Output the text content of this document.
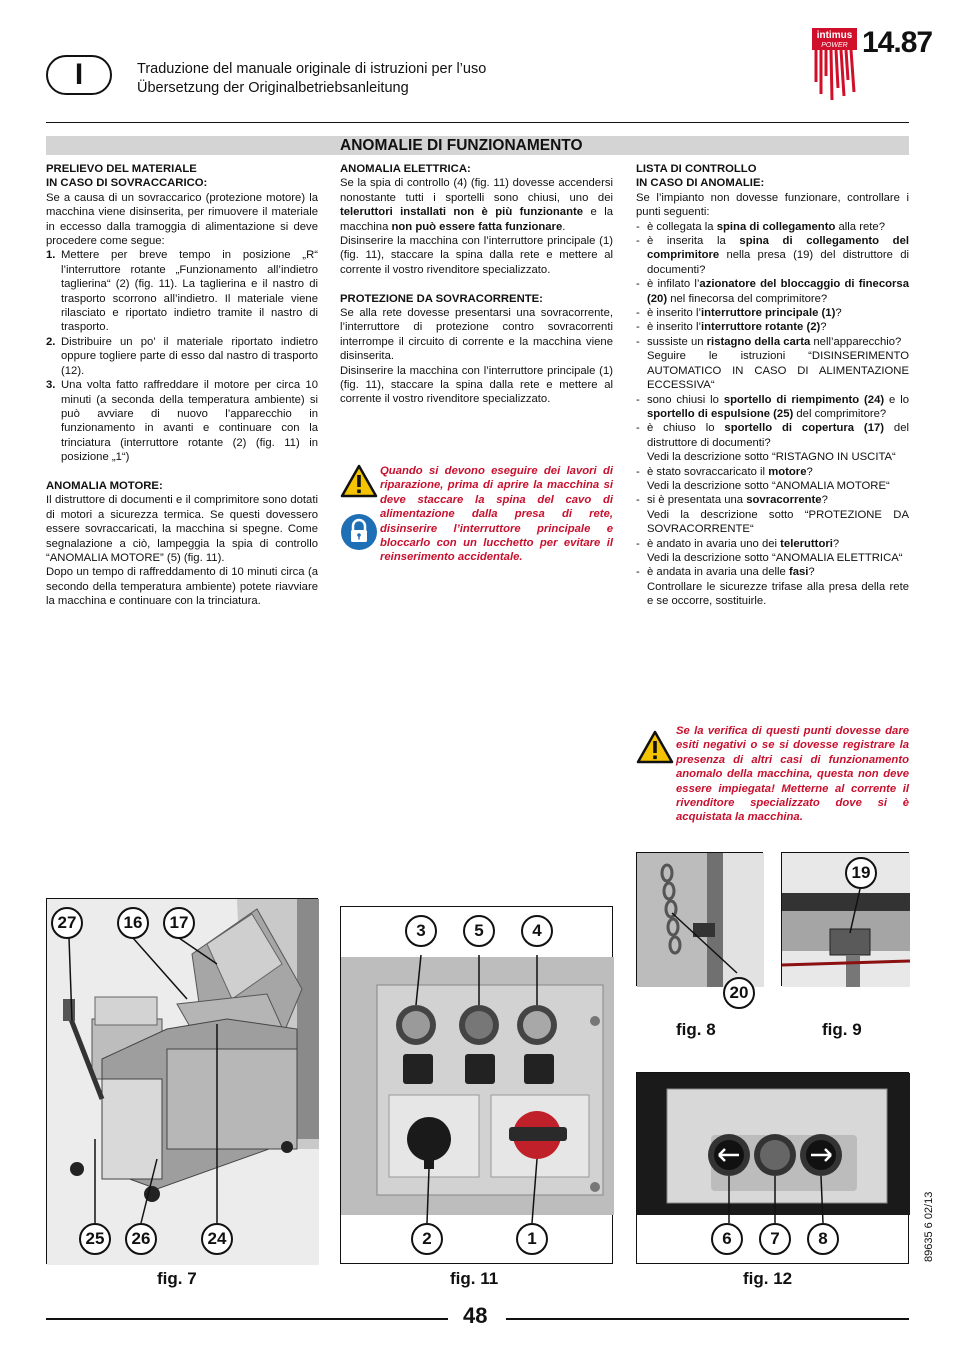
I	Traduzione del manuale originale di istruzioni per l’uso
Übersetzung der Originalbetriebsanleitung
intimus
POWER 14.87
ANOMALIE DI FUNZIONAMENTO
PRELIEVO DEL MATERIALE
IN CASO DI SOVRACCARICO:
Se a causa di un sovraccarico (protezione motore) la macchina viene disinserita, per rimuovere il materiale in eccesso dalla tramoggia di alimentazione si deve procedere come segue:
1. Mettere per breve tempo in posizione „R“ l’interruttore rotante „Funzionamento all’indietro taglierina“ (2) (fig. 11). La taglierina e il nastro di trasporto scorrono all’indietro. Il materiale viene rilasciato e riportato indietro tramite il nastro di trasporto.
2. Distribuire un po’ il materiale riportato indietro oppure togliere parte di esso dal nastro di trasporto (12).
3. Una volta fatto raffreddare il motore per circa 10 minuti (a seconda della temperatura ambiente) si può avviare di nuovo l’apparecchio in funzionamento in avanti e continuare con la trinciatura (interruttore rotante (2) (fig. 11) in posizione „1“)
ANOMALIA MOTORE:
Il distruttore di documenti e il comprimitore sono dotati di motori a sicurezza termica. Se questi dovessero essere sovraccaricati, la macchina si spegne. Come segnalazione a ciò, lampeggia la spia di controllo “ANOMALIA MOTORE” (5) (fig. 11).
Dopo un tempo di raffreddamento di 10 minuti circa (a secondo della temperatura ambiente) potete riavviare la macchina e continuare con la trinciatura.
ANOMALIA ELETTRICA:
Se la spia di controllo (4) (fig. 11) dovesse accendersi nonostante tutti i sportelli sono chiusi, uno dei teleruttori installati non è più funzionante e la macchina non può essere fatta funzionare.
Disinserire la macchina con l’interruttore principale (1) (fig. 11), staccare la spina dalla rete e mettere al corrente il vostro rivenditore specializzato.
PROTEZIONE DA SOVRACORRENTE:
Se alla rete dovesse presentarsi una sovracorrente, l’interruttore di protezione contro sovracorrenti interrompe il circuito di corrente e la macchina viene disinserita.
Disinserire la macchina con l’interruttore principale (1) (fig. 11), staccare la spina dalla rete e mettere al corrente il vostro rivenditore specializzato.

Quando si devono eseguire dei lavori di riparazione, prima di aprire la macchina si deve staccare la spina del cavo di alimentazione dalla presa di rete, disinserire l’interruttore principale e bloccarlo con un lucchetto per evitare il reinserimento accidentale.
LISTA DI CONTROLLO
IN CASO DI ANOMALIE:
Se l’impianto non dovesse funzionare, controllare i punti seguenti:
- è collegata la spina di collegamento alla rete?
- è inserita la spina di collegamento del comprimitore nella presa (19) del distruttore di documenti?
- è infilato l’azionatore del bloccaggio di finecorsa (20) nel finecorsa del comprimitore?
- è inserito l’interruttore principale (1)?
- è inserito l’interruttore rotante (2)?
- sussiste un ristagno della carta nell’apparecchio?
Seguire le istruzioni “DISINSERIMENTO AUTOMATICO IN CASO DI ALIMENTAZIONE ECCESSIVA“
- sono chiusi lo sportello di riempimento (24) e lo sportello di espulsione (25) del comprimitore?
- è chiuso lo sportello di copertura (17) del distruttore di documenti?
Vedi la descrizione sotto “RISTAGNO IN USCITA“
- è stato sovraccaricato il motore?
Vedi la descrizione sotto “ANOMALIA MOTORE“
- si è presentata una sovracorrente?
Vedi la descrizione sotto “PROTEZIONE DA SOVRACORRENTE“
- è andato in avaria uno dei teleruttori?
Vedi la descrizione sotto “ANOMALIA ELETTRICA“
- è andata in avaria una delle fasi?
Controllare le sicurezze trifase alla presa della rete e se occorre, sostituirle.
Se la verifica di questi punti dovesse dare esiti negativi o se si dovesse registrare la presenza di altri casi di funzionamento anomalo della macchina, questa non deve essere impiegata! Metterne al corrente il rivenditore specializzato dove si è acquistata la macchina.
27	16	17
25	26	24
fig. 7
3	5	4
2	1
fig. 11
20
fig. 8
19
fig. 9
6	7	8
fig. 12
89635 6 02/13
48
